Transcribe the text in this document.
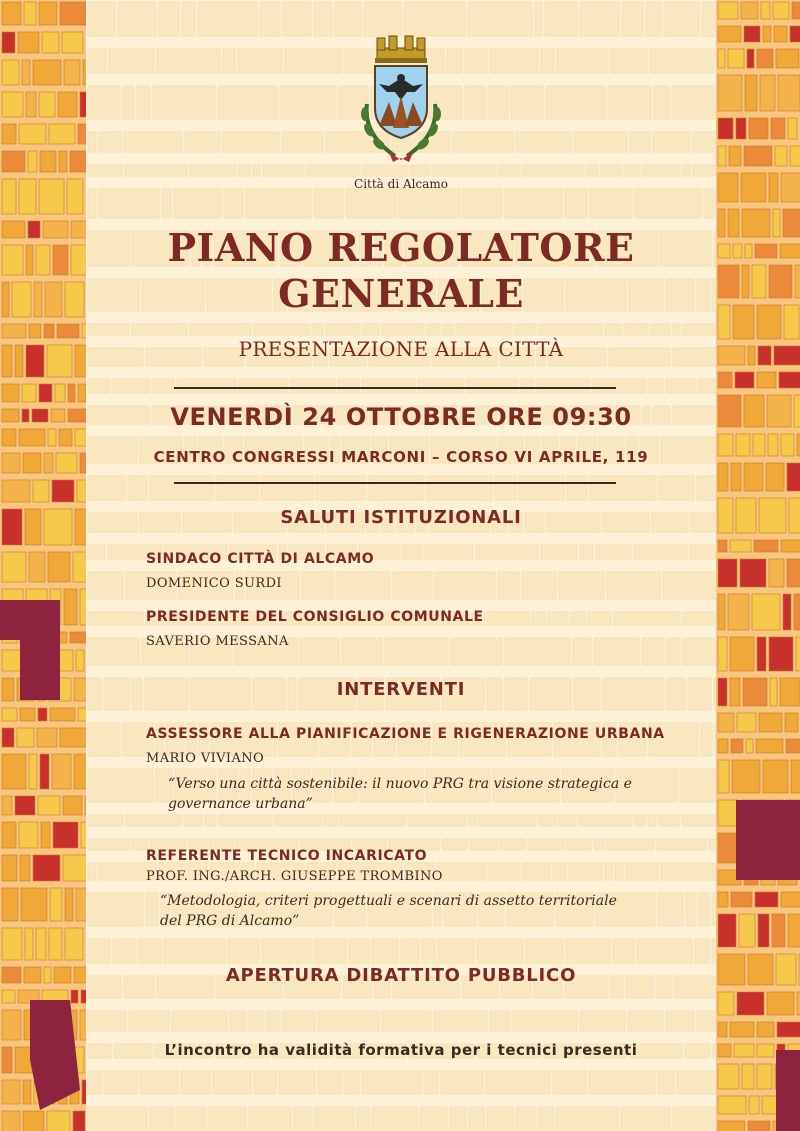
Città di Alcamo
PIANO REGOLATORE
GENERALE
PRESENTAZIONE ALLA CITTÀ
VENERDÌ 24 OTTOBRE ORE 09:30
CENTRO CONGRESSI MARCONI – CORSO VI APRILE, 119
SALUTI ISTITUZIONALI
SINDACO CITTÀ DI ALCAMO
DOMENICO SURDI
PRESIDENTE DEL CONSIGLIO COMUNALE
SAVERIO MESSANA
INTERVENTI
ASSESSORE ALLA PIANIFICAZIONE E RIGENERAZIONE URBANA
MARIO VIVIANO
“Verso una città sostenibile: il nuovo PRG tra visione strategica e
governance urbana”
REFERENTE TECNICO INCARICATO
PROF. ING./ARCH. GIUSEPPE TROMBINO
“Metodologia, criteri progettuali e scenari di assetto territoriale
del PRG di Alcamo”
APERTURA DIBATTITO PUBBLICO
L’incontro ha validità formativa per i tecnici presenti
